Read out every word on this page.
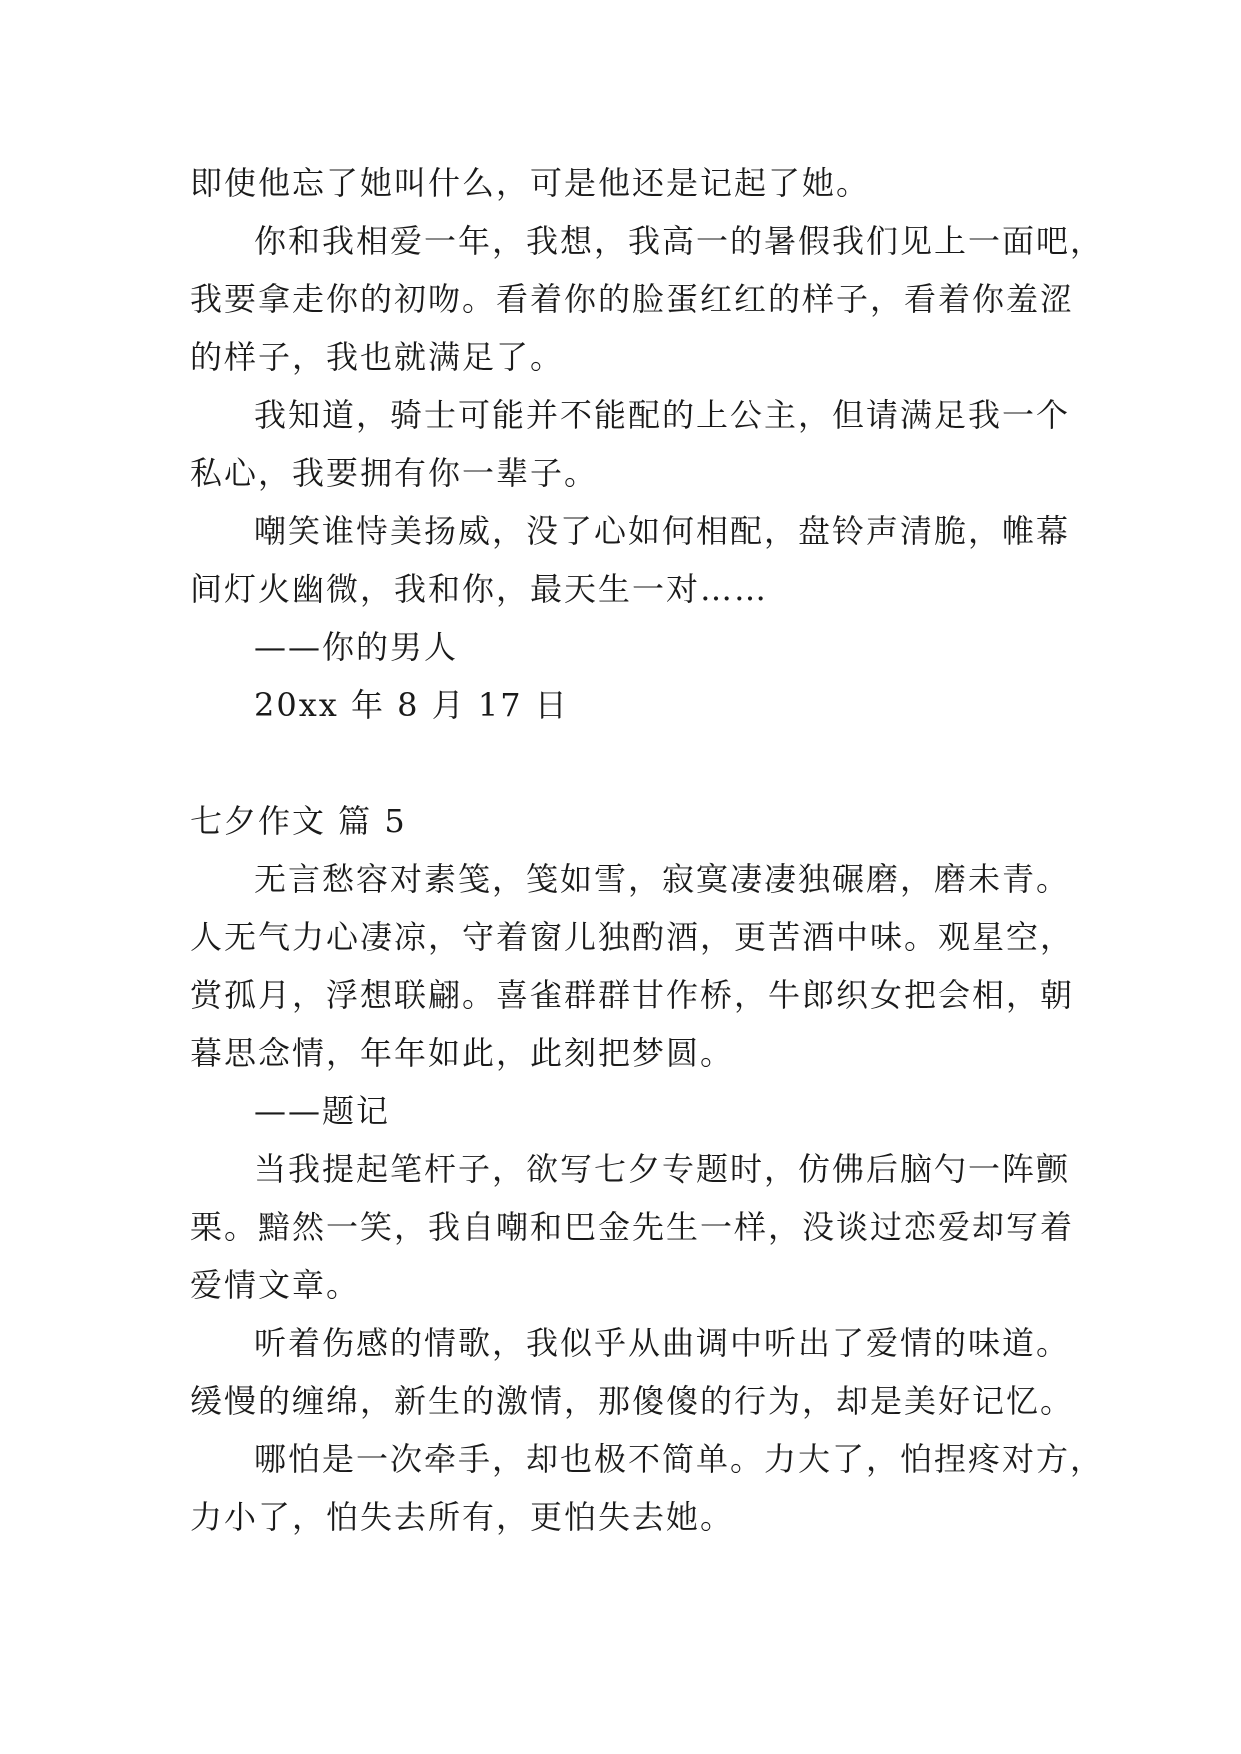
即使他忘了她叫什么，可是他还是记起了她。
你和我相爱一年，我想，我高一的暑假我们见上一面吧，
我要拿走你的初吻。看着你的脸蛋红红的样子，看着你羞涩
的样子，我也就满足了。
我知道，骑士可能并不能配的上公主，但请满足我一个
私心，我要拥有你一辈子。
嘲笑谁恃美扬威，没了心如何相配，盘铃声清脆，帷幕
间灯火幽微，我和你，最天生一对……
——你的男人
20xx 年 8 月 17 日
七夕作文 篇 5
无言愁容对素笺，笺如雪，寂寞凄凄独碾磨，磨未青。
人无气力心凄凉，守着窗儿独酌酒，更苦酒中味。观星空，
赏孤月，浮想联翩。喜雀群群甘作桥，牛郎织女把会相，朝
暮思念情，年年如此，此刻把梦圆。
——题记
当我提起笔杆子，欲写七夕专题时，仿佛后脑勺一阵颤
栗。黯然一笑，我自嘲和巴金先生一样，没谈过恋爱却写着
爱情文章。
听着伤感的情歌，我似乎从曲调中听出了爱情的味道。
缓慢的缠绵，新生的激情，那傻傻的行为，却是美好记忆。
哪怕是一次牵手，却也极不简单。力大了，怕捏疼对方，
力小了，怕失去所有，更怕失去她。
